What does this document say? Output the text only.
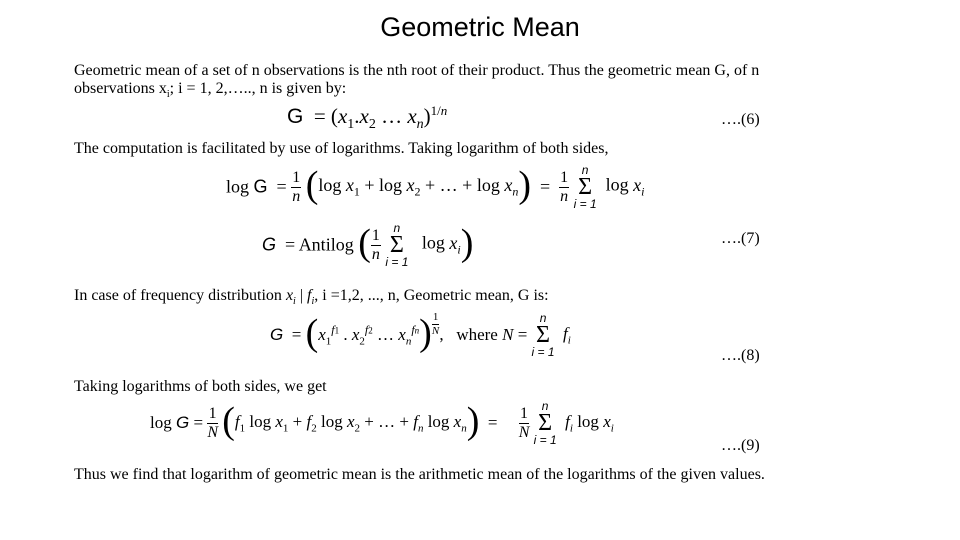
Geometric Mean
Geometric mean of a set of n observations is the nth root of their product. Thus the geometric mean G, of n
observations $x_i$; i = 1, 2,….., n is given by:
$G = (x_1.x_2$ … $x_n)^{1/n}$
….(6)
The computation is facilitated by use of logarithms. Taking logarithm of both sides,
$\log G = \frac{1}{n} (\log$ $x_1 + \log x_2$ + … + $\log x_n) = \frac{1}{n}$
	n
Σ
i = 1
$\log x_i$
G  = Antilog ( $\frac{1}{n}$
	n
Σ
i = 1
$\log x_i$)	….(7)
In case of frequency distribution $x_i$ | $f_i$, i =1,2, ..., n, Geometric mean, G is:
$G = (x_1^{f1}$ . $x_2^{f2}$ … $x_n^{fn}) \frac{1}{N}$ ,   where N =
n
Σ
i = 1
$f_i$
….(8)
Taking logarithms of both sides, we get
$\log G = \frac{1}{N} (f_1$ $\log x_1 + f_2$ $\log x_2$ + … + $f_n$ $\log x_n) = \frac{1}{N}$
	n
Σ
i = 1
$f_i$ $\log x_i$
….(9)
Thus we find that logarithm of geometric mean is the arithmetic mean of the logarithms of the given values.
